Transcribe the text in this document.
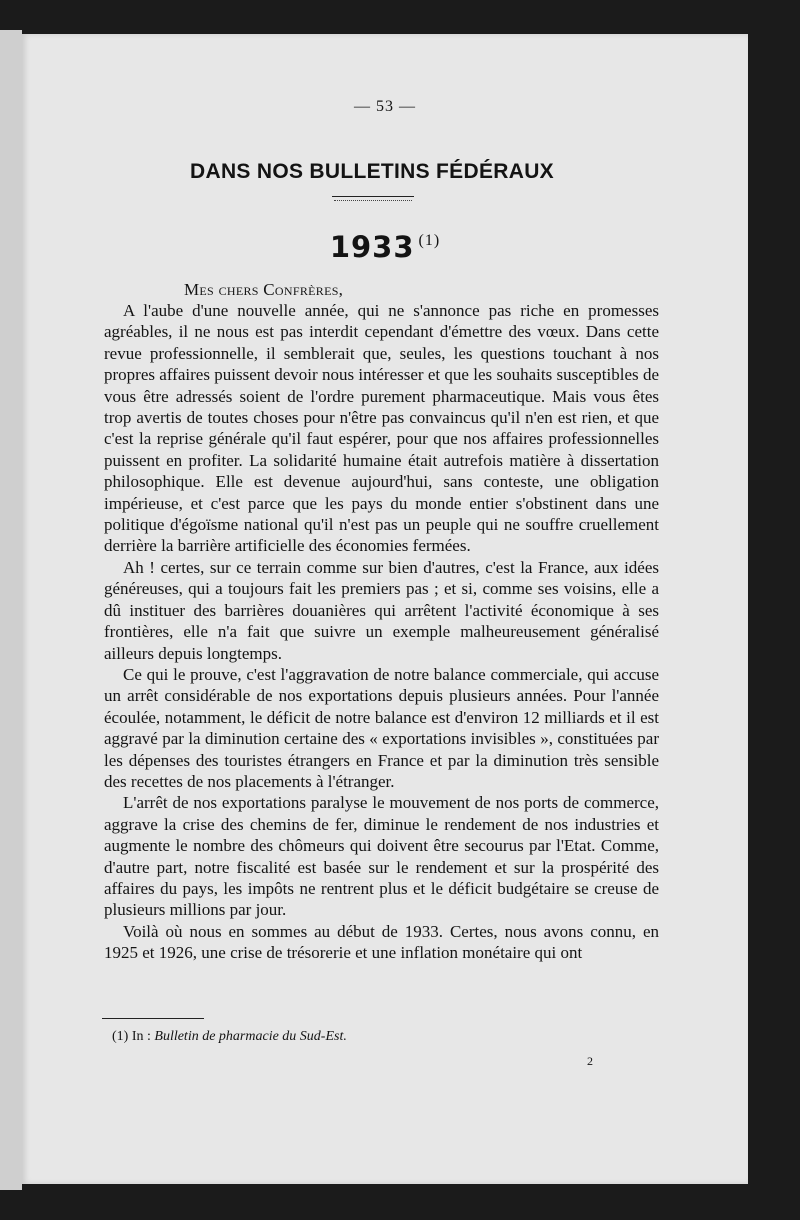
— 53 —
DANS NOS BULLETINS FÉDÉRAUX
1933 $^{(1)}$
Mes chers Confrères,

A l'aube d'une nouvelle année, qui ne s'annonce pas riche en promesses agréables, il ne nous est pas interdit cependant d'émettre des vœux. Dans cette revue professionnelle, il semblerait que, seules, les questions touchant à nos propres affaires puissent devoir nous intéresser et que les souhaits susceptibles de vous être adressés soient de l'ordre purement pharmaceutique. Mais vous êtes trop avertis de toutes choses pour n'être pas convaincus qu'il n'en est rien, et que c'est la reprise générale qu'il faut espérer, pour que nos affaires professionnelles puissent en profiter. La solidarité humaine était autrefois matière à dissertation philosophique. Elle est devenue aujourd'hui, sans conteste, une obligation impérieuse, et c'est parce que les pays du monde entier s'obstinent dans une politique d'égoïsme national qu'il n'est pas un peuple qui ne souffre cruellement derrière la barrière artificielle des économies fermées.

Ah ! certes, sur ce terrain comme sur bien d'autres, c'est la France, aux idées généreuses, qui a toujours fait les premiers pas ; et si, comme ses voisins, elle a dû instituer des barrières douanières qui arrêtent l'activité économique à ses frontières, elle n'a fait que suivre un exemple malheureusement généralisé ailleurs depuis longtemps.

Ce qui le prouve, c'est l'aggravation de notre balance commerciale, qui accuse un arrêt considérable de nos exportations depuis plusieurs années. Pour l'année écoulée, notamment, le déficit de notre balance est d'environ 12 milliards et il est aggravé par la diminution certaine des « exportations invisibles », constituées par les dépenses des touristes étrangers en France et par la diminution très sensible des recettes de nos placements à l'étranger.

L'arrêt de nos exportations paralyse le mouvement de nos ports de commerce, aggrave la crise des chemins de fer, diminue le rendement de nos industries et augmente le nombre des chômeurs qui doivent être secourus par l'Etat. Comme, d'autre part, notre fiscalité est basée sur le rendement et sur la prospérité des affaires du pays, les impôts ne rentrent plus et le déficit budgétaire se creuse de plusieurs millions par jour.

Voilà où nous en sommes au début de 1933. Certes, nous avons connu, en 1925 et 1926, une crise de trésorerie et une inflation monétaire qui ont

(1) In : Bulletin de pharmacie du Sud-Est.
2
